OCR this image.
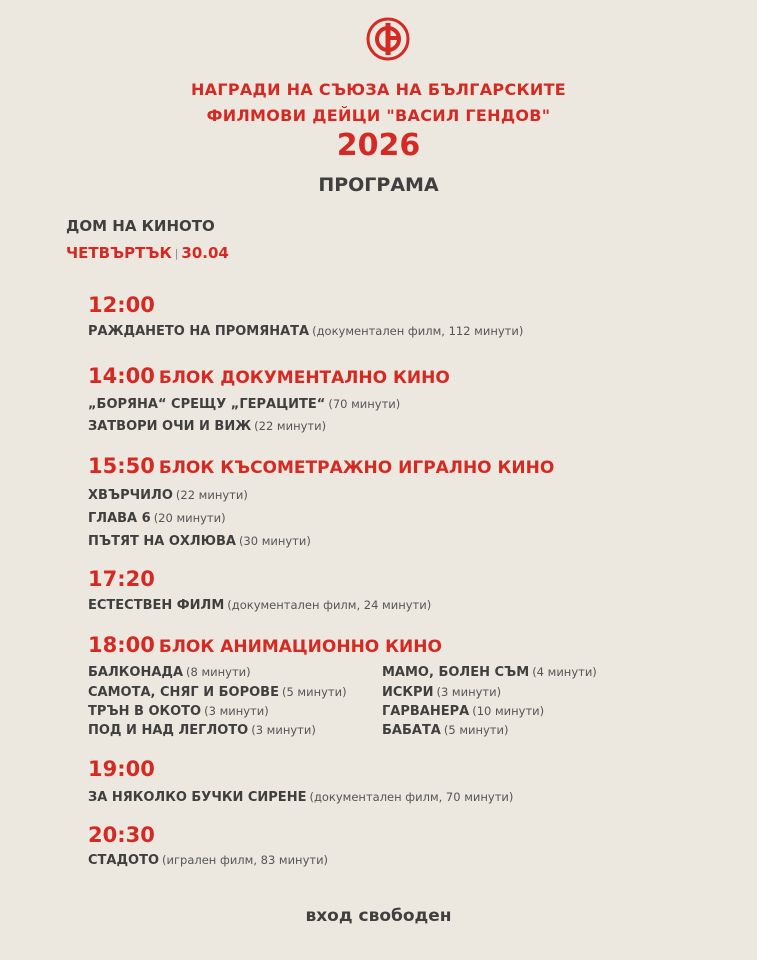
НАГРАДИ НА СЪЮЗА НА БЪЛГАРСКИТЕ
ФИЛМОВИ ДЕЙЦИ "ВАСИЛ ГЕНДОВ"
2026
ПРОГРАМА
ДОМ НА КИНОТО
ЧЕТВЪРТЪК | 30.04
12:00
РАЖДАНЕТО НА ПРОМЯНАТА (документален филм, 112 минути)
14:00 БЛОК ДОКУМЕНТАЛНО КИНО
„БОРЯНА“ СРЕЩУ „ГЕРАЦИТЕ“ (70 минути)
ЗАТВОРИ ОЧИ И ВИЖ (22 минути)
15:50 БЛОК КЪСОМЕТРАЖНО ИГРАЛНО КИНО
ХВЪРЧИЛО (22 минути)
ГЛАВА 6 (20 минути)
ПЪТЯТ НА ОХЛЮВА (30 минути)
17:20
ЕСТЕСТВЕН ФИЛМ (документален филм, 24 минути)
18:00 БЛОК АНИМАЦИОННО КИНО
БАЛКОНАДА (8 минути)
САМОТА, СНЯГ И БОРОВЕ (5 минути)
ТРЪН В ОКОТО (3 минути)
ПОД И НАД ЛЕГЛОТО (3 минути)
МАМО, БОЛЕН СЪМ (4 минути)
ИСКРИ (3 минути)
ГАРВАНЕРА (10 минути)
БАБАТА (5 минути)
19:00
ЗА НЯКОЛКО БУЧКИ СИРЕНЕ (документален филм, 70 минути)
20:30
СТАДОТО (игрален филм, 83 минути)
вход свободен
